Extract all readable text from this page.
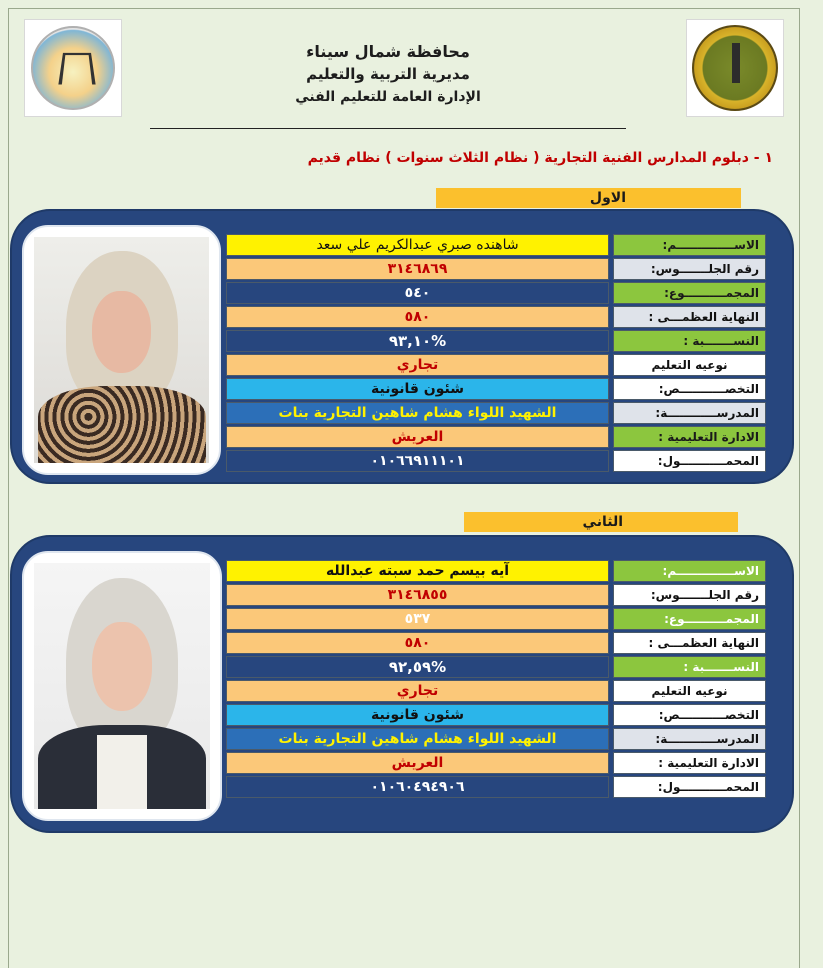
محافظة شمال سيناء
مديرية التربية والتعليم
الإدارة العامة للتعليم الفني
١ - دبلوم المدارس الفنية التجارية ( نظام الثلاث سنوات ) نظام قديم
الاول
شاهنده صبري عبدالكريم علي سعد	الاســــــــــــــم:
٣١٤٦٨٦٩	رقم الجلـــــــوس:
٥٤٠	المجمــــــــــوع:
٥٨٠	النهاية العظمـــى :
%٩٣,١٠	النســـــــبة :
تجاري	نوعيه التعليم
شئون قانونية	التخصـــــــــــص:
الشهيد اللواء هشام شاهين التجارية بنات	المدرســــــــــــة:
العريش	الادارة التعليمية :
٠١٠٦٦٩١١١٠١	المحمـــــــــــول:
الثاني
آيه بيسم حمد سبته عبدالله	الاســــــــــــــم:
٣١٤٦٨٥٥	رقم الجلـــــــوس:
٥٣٧	المجمــــــــــوع:
٥٨٠	النهاية العظمـــى :
%٩٢,٥٩	النســـــــبة :
تجاري	نوعيه التعليم
شئون قانونية	التخصـــــــــــص:
الشهيد اللواء هشام شاهين التجارية بنات	المدرســــــــــــة:
العريش	الادارة التعليمية :
٠١٠٦٠٤٩٤٩٠٦	المحمـــــــــــول:
